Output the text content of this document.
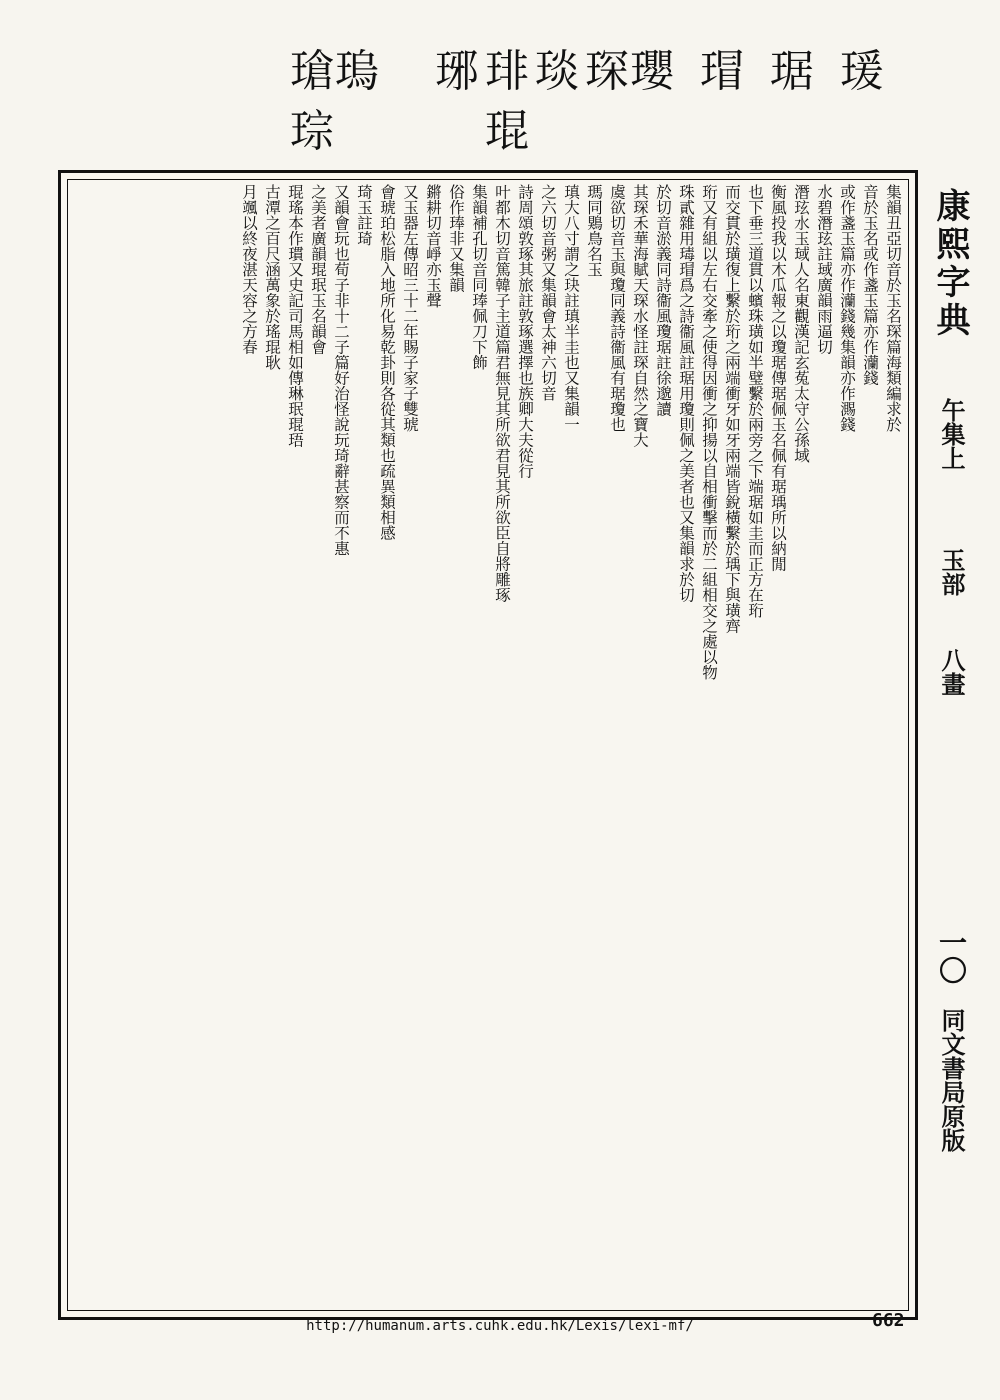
瑗
琚
瓔
琛
琰
琲
琊
琨
瑦
瑲
琮
瑁
集韻丑亞切音於玉名琛篇海類編求於
音於玉名或作盞玉篇亦作灡錢
或作盞玉篇亦作灡錢幾集韻亦作瀃錢
水碧潛玹註琙廣韻雨逼切
潛玹水玉琙人名東觀漢記玄菟太守公孫域
衡風投我以木瓜報之以瓊琚傳琚佩玉名佩有琚瑀所以納閒
也下垂三道貫以蠙珠璜如半璧繫於兩旁之下端琚如圭而正方在珩
而交貫於璜復上繫於珩之兩端衝牙如牙兩端皆銳橫繫於瑀下與璜齊
珩又有組以左右交牽之使得因衝之抑揚以自相衝擊而於二組相交之處以物
珠貳雜用瑇瑁爲之詩衞風註琚用瓊則佩之美者也又集韻求於切
於切音淤義同詩衞風瓊琚註徐邈讀
其琛禾華海賦天琛水怪註琛自然之寶大
虞欲切音玉與瓊同義詩衞風有琚瓊也
瑪同鶪鳥名玉
瑱大八寸謂之玦註瑱半圭也又集韻一
之六切音粥又集韻會太神六切音
詩周頌敦琢其旅註敦琢選擇也族卿大夫從行
叶都木切音篤韓子主道篇君無見其所欲君見其所欲臣自將雕琢
集韻補孔切音同琫佩刀下飾
俗作琫非又集韻
鏘耕切音崢亦玉聲
又玉器左傳昭三十二年賜子家子雙琥
會琥珀松脂入地所化易乾卦則各從其類也疏異類相感
琦玉註琦
又韻會玩也荀子非十二子篇好治怪說玩琦辭甚察而不惠
之美者廣韻琨珉玉名韻會
琨瑤本作瑻又史記司馬相如傳琳珉琨珸
古潭之百尺涵萬象於瑤琨耿
月颯以終夜湛天容之方春	康熙字典
午集上
玉部
八畫
一〇
同文書局原版
662
http://humanum.arts.cuhk.edu.hk/Lexis/lexi-mf/
